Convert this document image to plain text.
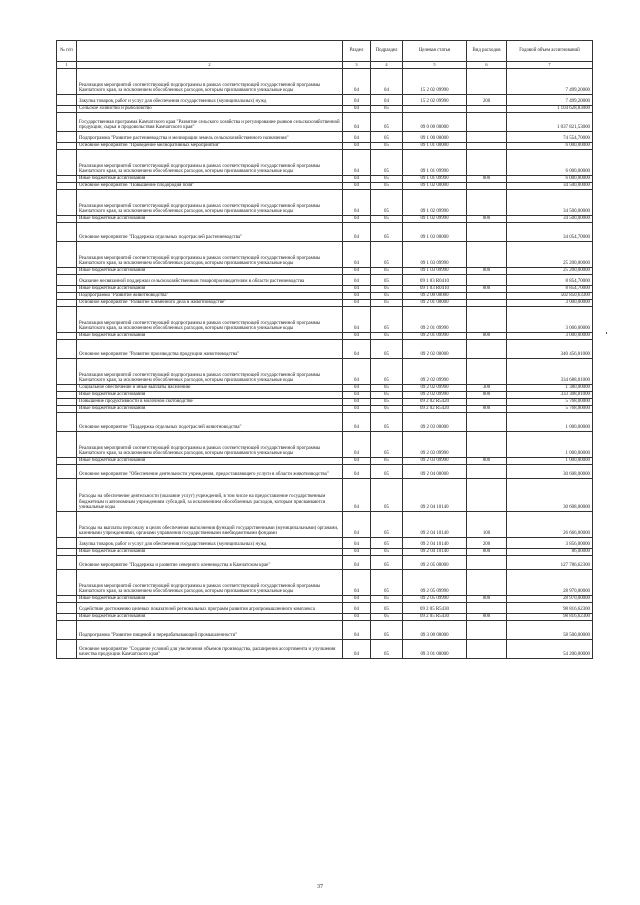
№ п/п		Раздел	Подраздел	Целевая статья	Вид расходов	Годовой объем ассигнований
1	2	3	4	5	6	7
	Реализация мероприятий соответствующей подпрограммы в рамках соответствующей государственной программы Камчатского края, за исключением обособленных расходов, которым присваиваются уникальные коды	04	04	15 2 02 09990		7 499,20000
	Закупка товаров, работ и услуг для обеспечения государственных (муниципальных) нужд	04	04	15 2 02 09990	200	7 499,20000
	Сельское хозяйство и рыболовство	04	05			1 104 628,83000
	Государственная программа Камчатского края "Развитие сельского хозяйства и регулирование рынков сельскохозяйственной продукции, сырья и продовольствия Камчатского края"	04	05	09 0 00 00000		1 037 821,53000
	Подпрограмма "Развитие растениеводства и мелиорации земель сельскохозяйственного назначения"	04	05	09 1 00 00000		74 554,70000
	Основное мероприятие "Проведение мелиоративных мероприятий"	04	05	09 1 01 00000		6 000,00000
	Реализация мероприятий соответствующей подпрограммы в рамках соответствующей государственной программы Камчатского края, за исключением обособленных расходов, которым присваиваются уникальные коды	04	05	09 1 01 09990		6 000,00000
	Иные бюджетные ассигнования	04	05	09 1 01 09990	800	6 000,00000
	Основное мероприятие "Повышение плодородия почв"	04	05	09 1 02 00000		34 500,00000
	Реализация мероприятий соответствующей подпрограммы в рамках соответствующей государственной программы Камчатского края, за исключением обособленных расходов, которым присваиваются уникальные коды	04	05	09 1 02 09990		34 500,00000
	Иные бюджетные ассигнования	04	05	09 1 02 09990	800	34 500,00000
	Основное мероприятие "Поддержка отдельных подотраслей растениеводства"	04	05	09 1 03 00000		34 054,70000
	Реализация мероприятий соответствующей подпрограммы в рамках соответствующей государственной программы Камчатского края, за исключением обособленных расходов, которым присваиваются уникальные коды	04	05	09 1 03 09990		25 200,00000
	Иные бюджетные ассигнования	04	05	09 1 03 09990	800	25 200,00000
	Оказание несвязанной поддержки сельскохозяйственным товаропроизводителям в области растениеводства	04	05	09 1 03 R0410		8 854,70000
	Иные бюджетные ассигнования	04	05	09 1 03 R0410	800	8 854,70000
	Подпрограмма "Развитие животноводства"	04	05	09 2 00 00000		502 850,63300
	Основное мероприятие "Развитие племенного дела в животноводстве"	04	05	09 2 01 00000		3 000,00000
	Реализация мероприятий соответствующей подпрограммы в рамках соответствующей государственной программы Камчатского края, за исключением обособленных расходов, которым присваиваются уникальные коды	04	05	09 2 01 09990		3 000,00000
	Иные бюджетные ассигнования	04	05	09 2 01 09990	800	3 000,00000
	Основное мероприятие "Развитие производства продукции животноводства"	04	05	09 2 02 00000		340 456,01000
	Реализация мероприятий соответствующей подпрограммы в рамках соответствующей государственной программы Камчатского края, за исключением обособленных расходов, которым присваиваются уникальные коды	04	05	09 2 02 09990		334 688,01000
	Социальное обеспечение и иные выплаты населению	04	05	09 2 02 09990	300	1 380,00000
	Иные бюджетные ассигнования	04	05	09 2 02 09990	800	333 308,01000
	Повышение продуктивности в молочном скотоводстве	04	05	09 2 02 R5420		5 768,00000
	Иные бюджетные ассигнования	04	05	09 2 02 R5420	800	5 768,00000
	Основное мероприятие "Поддержка отдельных подотраслей животноводства"	04	05	09 2 03 00000		1 000,00000
	Реализация мероприятий соответствующей подпрограммы в рамках соответствующей государственной программы Камчатского края, за исключением обособленных расходов, которым присваиваются уникальные коды	04	05	09 2 03 09990		1 000,00000
	Иные бюджетные ассигнования	04	05	09 2 03 09990	800	1 000,00000
	Основное мероприятие "Обеспечение деятельности учреждения, предоставляющего услуги в области животноводства"	04	05	09 2 04 00000		30 608,00000
	Расходы на обеспечение деятельности (оказание услуг) учреждений, в том числе на предоставление государственным бюджетным и автономным учреждениям субсидий, за исключением обособленных расходов, которым присваиваются уникальные коды	04	05	09 2 04 10140		30 608,00000
	Расходы на выплаты персоналу в целях обеспечения выполнения функций государственными (муниципальными) органами, казенными учреждениями, органами управления государственными внебюджетными фондами	04	05	09 2 04 10140	100	26 666,00000
	Закупка товаров, работ и услуг для обеспечения государственных (муниципальных) нужд	04	05	09 2 04 10140	200	3 856,00000
	Иные бюджетные ассигнования	04	05	09 2 04 10140	800	86,00000
	Основное мероприятие "Поддержка и развитие северного оленеводства в Камчатском крае"	04	05	09 2 05 00000		127 786,62300
	Реализация мероприятий соответствующей подпрограммы в рамках соответствующей государственной программы Камчатского края, за исключением обособленных расходов, которым присваиваются уникальные коды	04	05	09 2 05 09990		28 970,00000
	Иные бюджетные ассигнования	04	05	09 2 05 09990	800	28 970,00000
	Содействие достижению целевых показателей региональных программ развития агропромышленного комплекса	04	05	09 2 05 R5430		98 816,62300
	Иные бюджетные ассигнования	04	05	09 2 05 R5430	800	98 816,62300
	Подпрограмма "Развитие пищевой и перерабатывающей промышленности"	04	05	09 3 00 00000		58 500,00000
	Основное мероприятие "Создание условий для увеличения объемов производства, расширения ассортимента и улучшения качества продукции Камчатского края"	04	05	09 3 01 00000		54 200,00000
37
